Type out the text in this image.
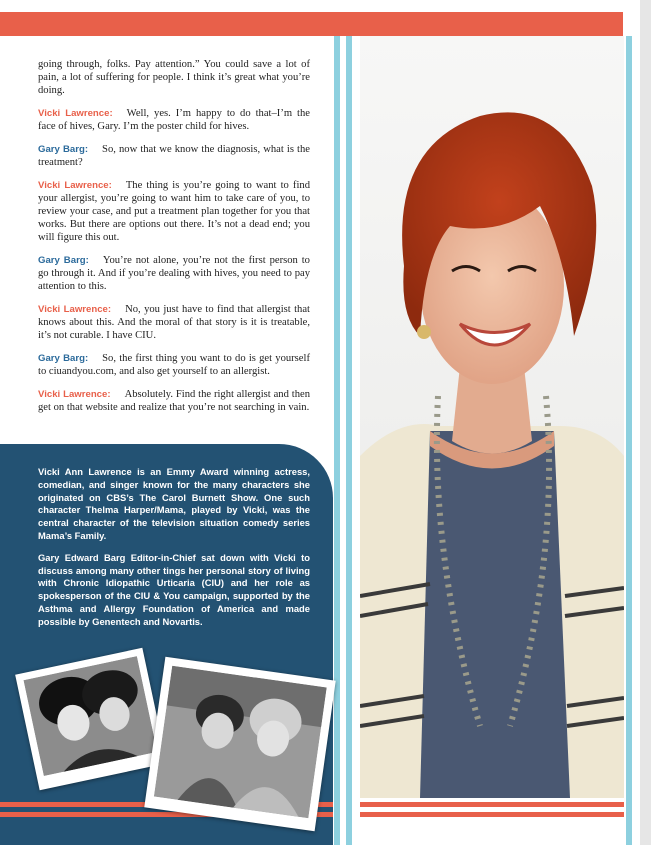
going through, folks. Pay attention.” You could save a lot of pain, a lot of suffering for people. I think it’s great what you’re doing.

Vicki Lawrence: Well, yes. I’m happy to do that–I’m the face of hives, Gary. I’m the poster child for hives.

Gary Barg: So, now that we know the diagnosis, what is the treatment?

Vicki Lawrence: The thing is you’re going to want to find your allergist, you’re going to want him to take care of you, to review your case, and put a treatment plan together for you that works. But there are options out there. It’s not a dead end; you will figure this out.

Gary Barg: You’re not alone, you’re not the first person to go through it. And if you’re dealing with hives, you need to pay attention to this.

Vicki Lawrence: No, you just have to find that allergist that knows about this. And the moral of that story is it is treatable, it’s not curable. I have CIU.

Gary Barg: So, the first thing you want to do is get yourself to ciuandyou.com, and also get yourself to an allergist.

Vicki Lawrence: Absolutely. Find the right allergist and then get on that website and realize that you’re not searching in vain.

Vicki Ann Lawrence is an Emmy Award winning actress, comedian, and singer known for the many characters she originated on CBS’s The Carol Burnett Show. One such character Thelma Harper/Mama, played by Vicki, was the central character of the television situation comedy series Mama’s Family.

Gary Edward Barg Editor-in-Chief sat down with Vicki to discuss among many other tings her personal story of living with Chronic Idiopathic Urticaria (CIU) and her role as spokesperson of the CIU & You campaign, supported by the Asthma and Allergy Foundation of America and made possible by Genentech and Novartis.
